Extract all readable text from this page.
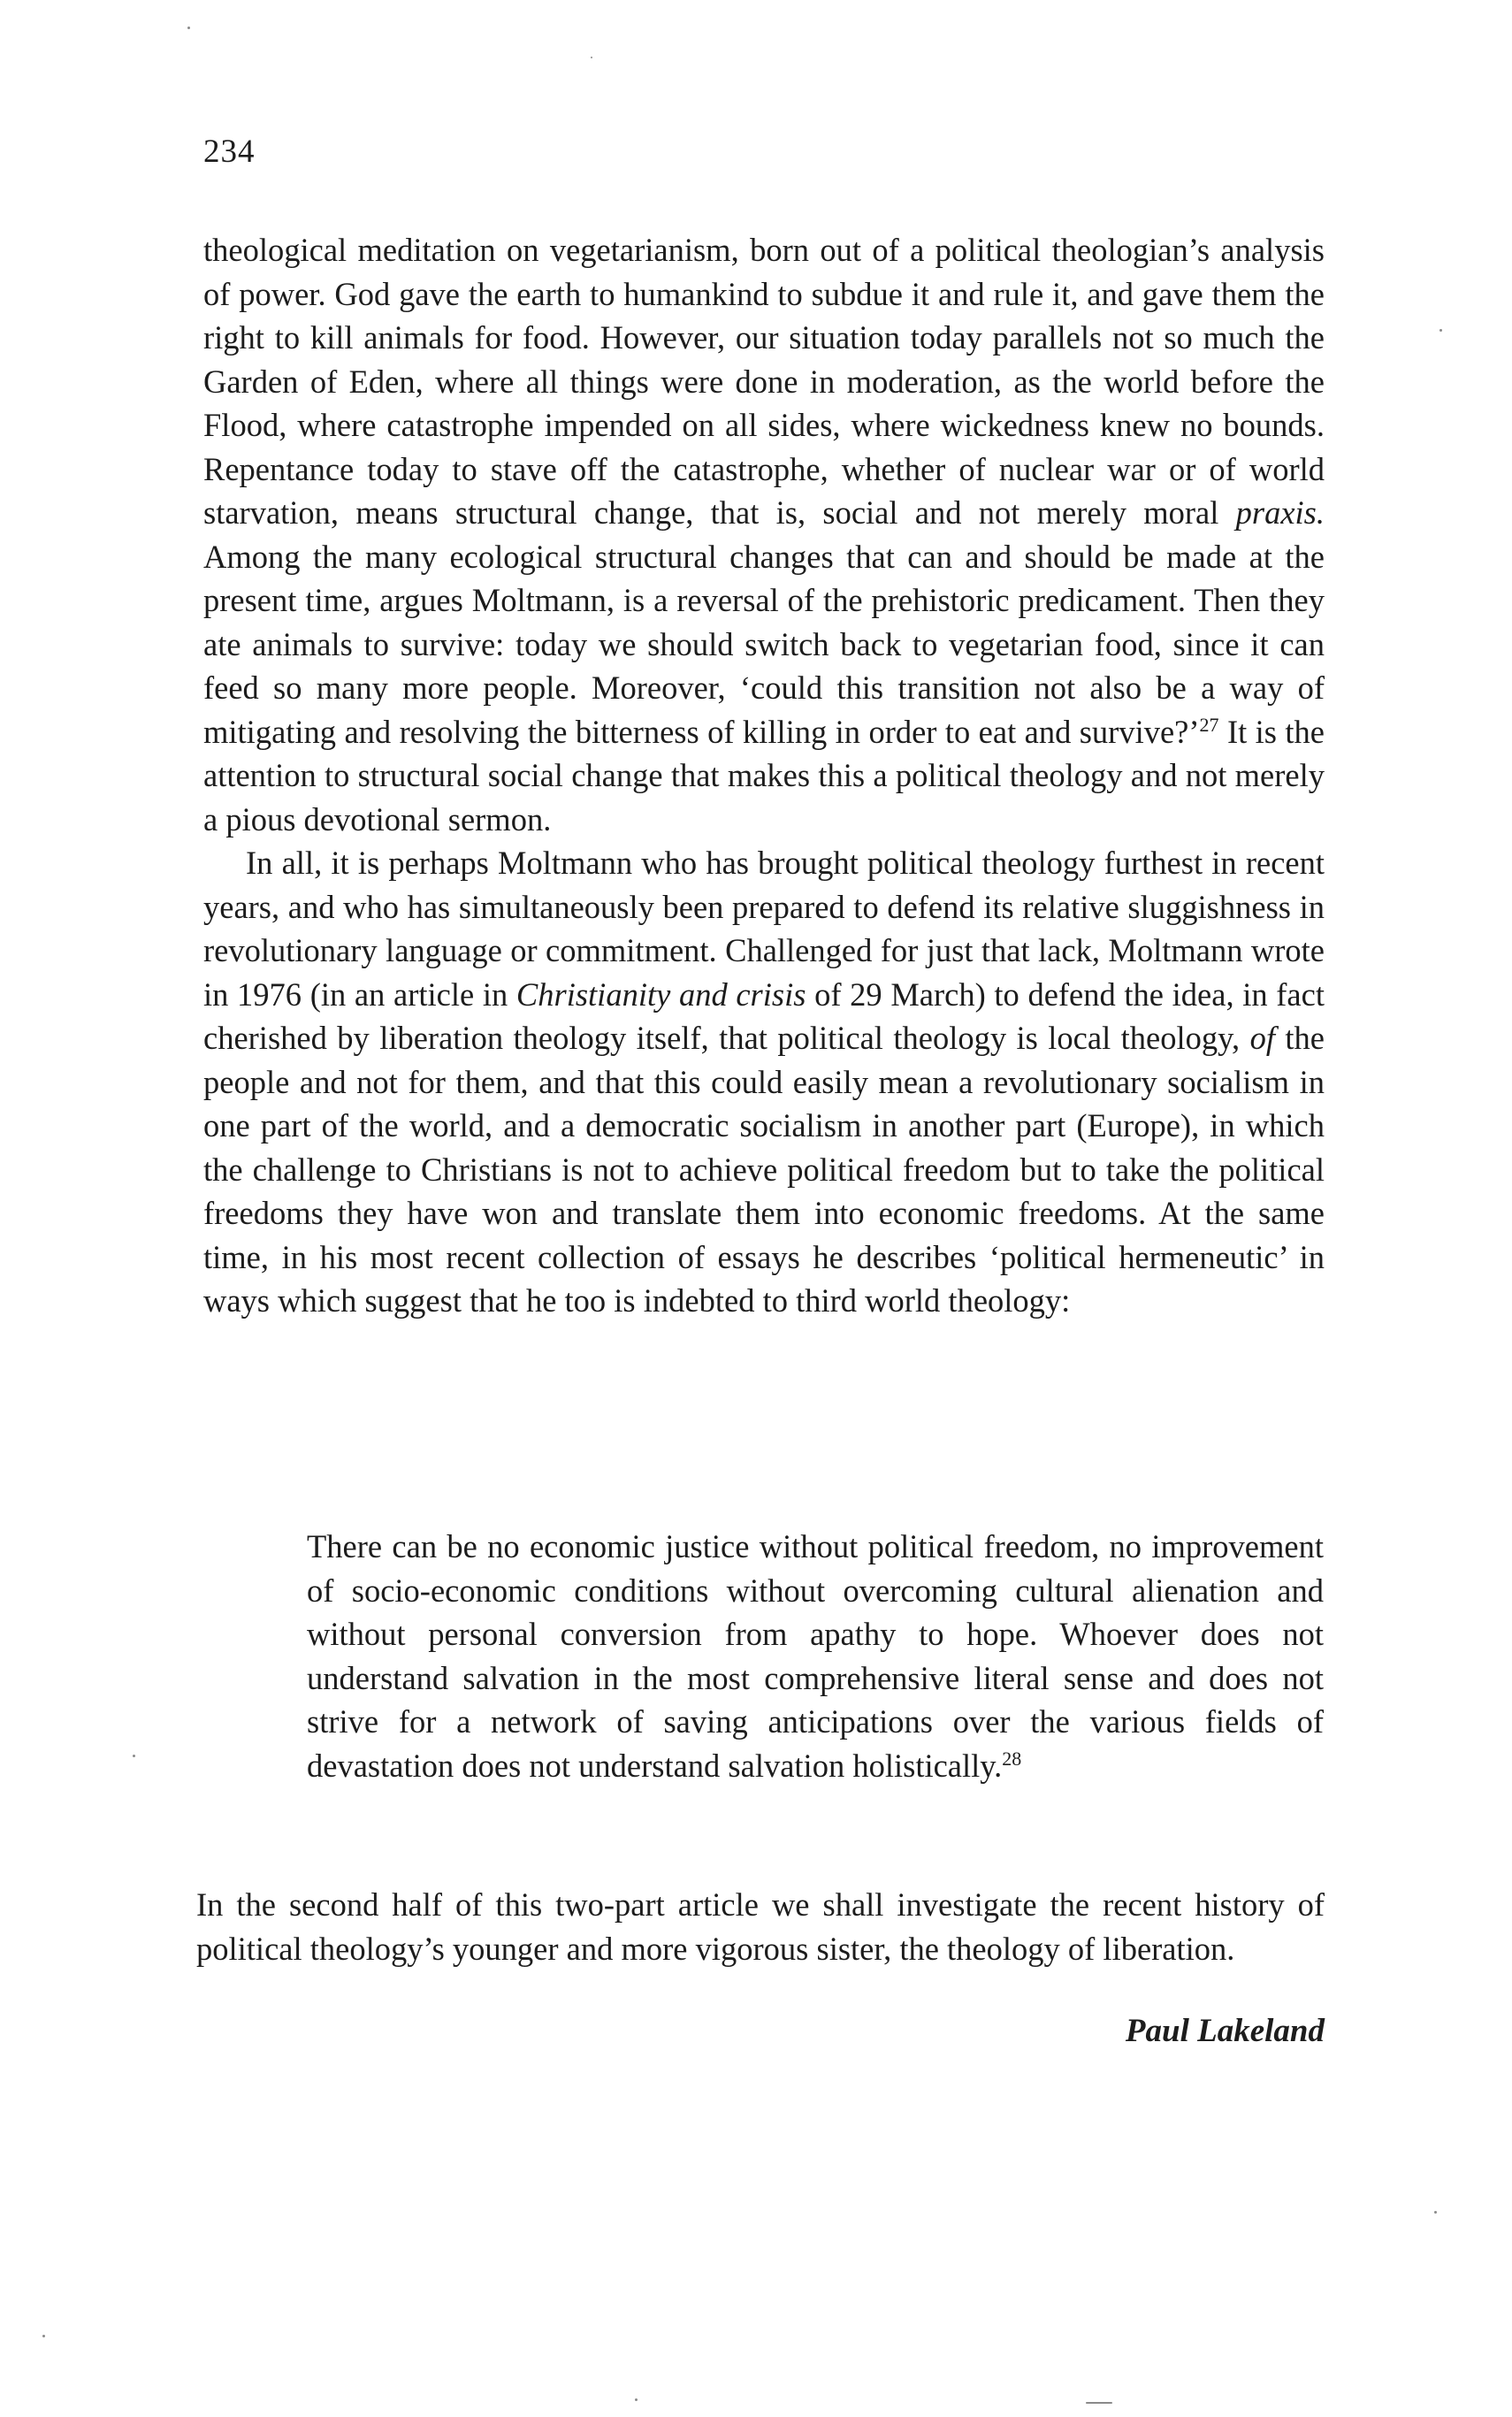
234

theological meditation on vegetarianism, born out of a political theologian’s analysis of power. God gave the earth to humankind to subdue it and rule it, and gave them the right to kill animals for food. However, our situation today parallels not so much the Garden of Eden, where all things were done in moderation, as the world before the Flood, where catastrophe impended on all sides, where wickedness knew no bounds. Repentance today to stave off the catastrophe, whether of nuclear war or of world starvation, means structural change, that is, social and not merely moral praxis. Among the many ecological structural changes that can and should be made at the present time, argues Moltmann, is a reversal of the prehistoric predicament. Then they ate animals to survive: today we should switch back to vegetarian food, since it can feed so many more people. Moreover, ‘could this transition not also be a way of mitigating and resolving the bitterness of killing in order to eat and survive?’$^{27}$ It is the attention to structural social change that makes this a political theology and not merely a pious devotional sermon.

In all, it is perhaps Moltmann who has brought political theology furthest in recent years, and who has simultaneously been prepared to defend its relative sluggishness in revolutionary language or commitment. Challenged for just that lack, Moltmann wrote in 1976 (in an article in Christianity and crisis of 29 March) to defend the idea, in fact cherished by liberation theology itself, that political theology is local theology, of the people and not for them, and that this could easily mean a revolutionary socialism in one part of the world, and a democratic socialism in another part (Europe), in which the challenge to Christians is not to achieve political freedom but to take the political freedoms they have won and translate them into economic freedoms. At the same time, in his most recent collection of essays he describes ‘political hermeneutic’ in ways which suggest that he too is indebted to third world theology:

There can be no economic justice without political freedom, no improvement of socio-economic conditions without overcoming cultural alienation and without personal conversion from apathy to hope. Whoever does not understand salvation in the most comprehensive literal sense and does not strive for a network of saving anticipations over the various fields of devastation does not understand salvation holistically.$^{28}$

In the second half of this two-part article we shall investigate the recent history of political theology’s younger and more vigorous sister, the theology of liberation.

Paul Lakeland
